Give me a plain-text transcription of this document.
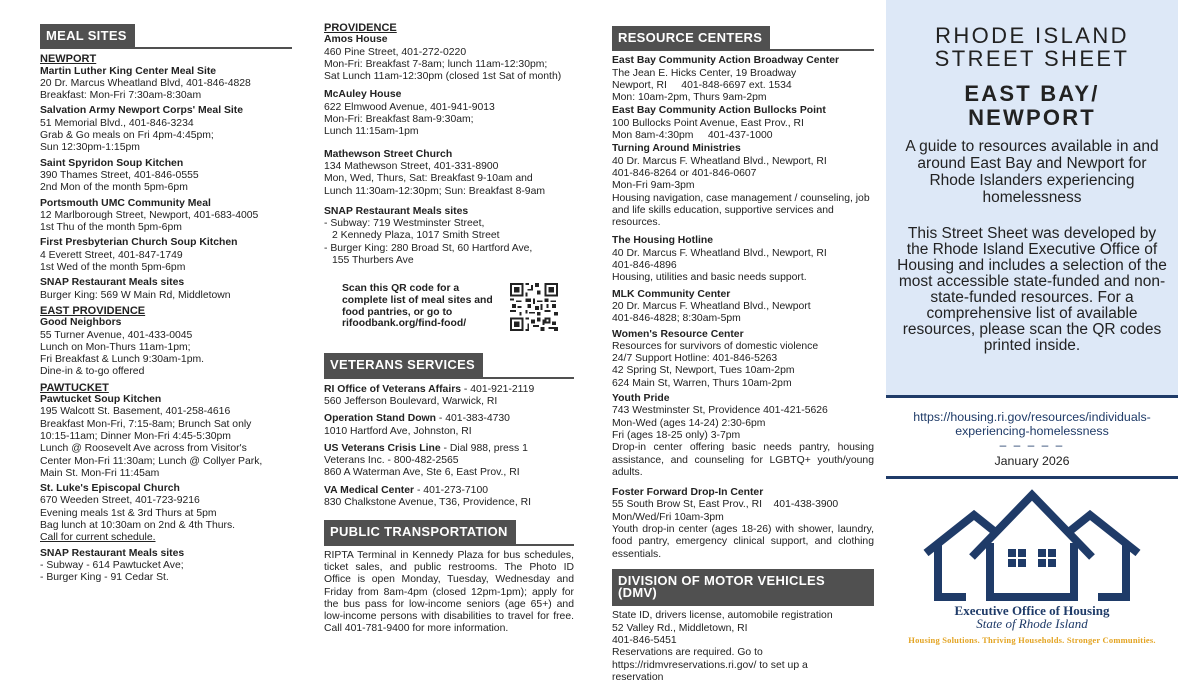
MEAL SITES
NEWPORT
Martin Luther King Center Meal Site
20 Dr. Marcus Wheatland Blvd, 401-846-4828
Breakfast: Mon-Fri 7:30am-8:30am
Salvation Army Newport Corps' Meal Site
51 Memorial Blvd., 401-846-3234
Grab & Go meals on Fri 4pm-4:45pm;
Sun 12:30pm-1:15pm
Saint Spyridon Soup Kitchen
390 Thames Street, 401-846-0555
2nd Mon of the month 5pm-6pm
Portsmouth UMC Community Meal
12 Marlborough Street, Newport, 401-683-4005
1st Thu of the month 5pm-6pm
First Presbyterian Church Soup Kitchen
4 Everett Street, 401-847-1749
1st Wed of the month 5pm-6pm
SNAP Restaurant Meals sites
Burger King: 569 W Main Rd, Middletown
EAST PROVIDENCE
Good Neighbors
55 Turner Avenue, 401-433-0045
Lunch on Mon-Thurs 11am-1pm;
Fri Breakfast & Lunch 9:30am-1pm.
Dine-in & to-go offered
PAWTUCKET
Pawtucket Soup Kitchen
195 Walcott St. Basement, 401-258-4616
Breakfast Mon-Fri, 7:15-8am; Brunch Sat only
10:15-11am; Dinner Mon-Fri 4:45-5:30pm
Lunch @ Roosevelt Ave across from Visitor's
Center Mon-Fri 11:30am; Lunch @ Collyer Park,
Main St. Mon-Fri 11:45am
St. Luke's Episcopal Church
670 Weeden Street, 401-723-9216
Evening meals 1st & 3rd Thurs at 5pm
Bag lunch at 10:30am on 2nd & 4th Thurs.
Call for current schedule.
SNAP Restaurant Meals sites
- Subway - 614 Pawtucket Ave;
- Burger King - 91 Cedar St.
PROVIDENCE
Amos House
460 Pine Street, 401-272-0220
Mon-Fri: Breakfast 7-8am; lunch 11am-12:30pm;
Sat Lunch 11am-12:30pm (closed 1st Sat of month)
McAuley House
622 Elmwood Avenue, 401-941-9013
Mon-Fri: Breakfast 8am-9:30am;
Lunch 11:15am-1pm
Mathewson Street Church
134 Mathewson Street, 401-331-8900
Mon, Wed, Thurs, Sat: Breakfast 9-10am and
Lunch 11:30am-12:30pm; Sun: Breakfast 8-9am
SNAP Restaurant Meals sites
- Subway: 719 Westminster Street,
2 Kennedy Plaza, 1017 Smith Street
- Burger King: 280 Broad St, 60 Hartford Ave,
155 Thurbers Ave
Scan this QR code for a complete list of meal sites and food pantries, or go to rifoodbank.org/find-food/
VETERANS SERVICES
RI Office of Veterans Affairs - 401-921-2119
560 Jefferson Boulevard, Warwick, RI
Operation Stand Down - 401-383-4730
1010 Hartford Ave, Johnston, RI
US Veterans Crisis Line - Dial 988, press 1
Veterans Inc. - 800-482-2565
860 A Waterman Ave, Ste 6, East Prov., RI
VA Medical Center - 401-273-7100
830 Chalkstone Avenue, T36, Providence, RI
PUBLIC TRANSPORTATION
RIPTA Terminal in Kennedy Plaza for bus schedules, ticket sales, and public restrooms. The Photo ID Office is open Monday, Tuesday, Wednesday and Friday from 8am-4pm (closed 12pm-1pm); apply for the bus pass for low-income seniors (age 65+) and low-income persons with disabilities to travel for free. Call 401-781-9400 for more information.
RESOURCE CENTERS
East Bay Community Action Broadway Center
The Jean E. Hicks Center, 19 Broadway
Newport, RI     401-848-6697 ext. 1534
Mon: 10am-2pm, Thurs 9am-2pm
East Bay Community Action Bullocks Point
100 Bullocks Point Avenue, East Prov., RI
Mon 8am-4:30pm     401-437-1000
Turning Around Ministries
40 Dr. Marcus F. Wheatland Blvd., Newport, RI
401-846-8264 or 401-846-0607
Mon-Fri 9am-3pm
Housing navigation, case management / counseling, job and life skills education, supportive services and resources.
The Housing Hotline
40 Dr. Marcus F. Wheatland Blvd., Newport, RI
401-846-4896
Housing, utilities and basic needs support.
MLK Community Center
20 Dr. Marcus F. Wheatland Blvd., Newport
401-846-4828; 8:30am-5pm
Women's Resource Center
Resources for survivors of domestic violence
24/7 Support Hotline: 401-846-5263
42 Spring St, Newport, Tues 10am-2pm
624 Main St, Warren, Thurs 10am-2pm
Youth Pride
743 Westminster St, Providence 401-421-5626
Mon-Wed (ages 14-24) 2:30-6pm
Fri (ages 18-25 only) 3-7pm
Drop-in center offering basic needs pantry, housing assistance, and counseling for LGBTQ+ youth/young adults.
Foster Forward Drop-In Center
55 South Brow St, East Prov., RI    401-438-3900
Mon/Wed/Fri 10am-3pm
Youth drop-in center (ages 18-26) with shower, laundry, food pantry, emergency clinical support, and clothing essentials.
DIVISION OF MOTOR VEHICLES (DMV)
State ID, drivers license, automobile registration
52 Valley Rd., Middletown, RI
401-846-5451
Reservations are required. Go to
https://ridmvreservations.ri.gov/ to set up a
reservation
RHODE ISLAND
STREET SHEET
EAST BAY/
NEWPORT
A guide to resources available in and around East Bay and Newport for Rhode Islanders experiencing homelessness
This Street Sheet was developed by the Rhode Island Executive Office of Housing and includes a selection of the most accessible state-funded and non-state-funded resources. For a comprehensive list of available resources, please scan the QR codes printed inside.
https://housing.ri.gov/resources/individuals-
experiencing-homelessness
– – – – –
January 2026
Executive Office of Housing
State of Rhode Island
Housing Solutions. Thriving Households. Stronger Communities.
